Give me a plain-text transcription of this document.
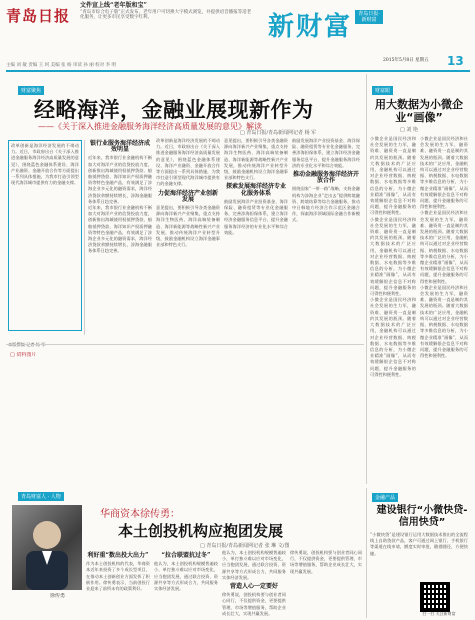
青岛日报
文件宣上线“老年版和宝”
“青岛市综合电子版”正式发布，老年用户可切换大字模式浏览，并提供语音播报等适老化服务，让更多市民享受数字红利。	新财富	青岛日报·新财富
2015年5月8日 星期五 13
主编 刘 敏 责编 王 珂 美编 张 杨 审读 孙 丽 校对 李 明
财富聚焦
经略海洋，金融业展现新作为
——《关于深入推进金融服务海洋经济高质量发展的意见》解读
□ 青岛日报/青岛新闻网记者 杨 军
改革创新是海洋经济发展的不竭动力。近日，市政府出台《关于深入推进金融服务海洋经济高质量发展的意见》，围绕蓝色金融体系建设、海洋产业融资、金融开放合作等方面提出一系列具体措施，为我市打造引领型现代海洋城市提供有力的金融支撑。
银行业服务海洋经济成效明显
近年来，我市银行业金融机构不断加大对海洋产业的信贷投放力度，创新推出海域使用权抵押贷款、船舶抵押贷款、海洋知识产权质押融资等特色金融产品，有效满足了涉海企业多元化的融资需求，海洋经济贷款余额持续增长，涉海金融服务体系日趋完善。
近年来，我市银行业金融机构不断加大对海洋产业的信贷投放力度，创新推出海域使用权抵押贷款、船舶抵押贷款、海洋知识产权质押融资等特色金融产品，有效满足了涉海企业多元化的融资需求，海洋经济贷款余额持续增长，涉海金融服务体系日趋完善。
改革创新是海洋经济发展的不竭动力。近日，市政府出台《关于深入推进金融服务海洋经济高质量发展的意见》，围绕蓝色金融体系建设、海洋产业融资、金融开放合作等方面提出一系列具体措施，为我市打造引领型现代海洋城市提供有力的金融支撑。
力促海洋经济产业创新发展
意见提出，要积极引导各类金融资源向海洋新兴产业聚集，重点支持海洋生物医药、海洋高端装备制造、海洋新能源等战略性新兴产业发展，推动传统海洋产业转型升级，鼓励金融机构设立海洋金融事业部和特色支行。
意见提出，要积极引导各类金融资源向海洋新兴产业聚集，重点支持海洋生物医药、海洋高端装备制造、海洋新能源等战略性新兴产业发展，推动传统海洋产业转型升级，鼓励金融机构设立海洋金融事业部和特色支行。
探索发展海洋经济专业化服务体系
鼓励发展海洋产业投资基金、海洋保险、融资租赁等专业化金融服务，完善涉海担保体系，建立海洋经济金融服务信息平台，提升金融服务海洋经济的专业化水平和综合效能。
鼓励发展海洋产业投资基金、海洋保险、融资租赁等专业化金融服务，完善涉海担保体系，建立海洋经济金融服务信息平台，提升金融服务海洋经济的专业化水平和综合效能。
推动金融服务海洋经济开放合作
围绕国家“一带一路”战略，支持金融机构为涉海企业“走出去”提供跨境融资、跨境结算等综合金融服务，推动中日韩地方经济合作示范区金融合作，探索海洋领域国际金融合作新模式。
财富眼
用大数据为小微企业“画像”
□ 刘 艳
小微企业是国民经济和社会发展的生力军，融资难、融资贵一直是制约其发展的瓶颈。随着大数据技术的广泛应用，金融机构可以通过对企业经营数据、纳税数据、水电数据等多维信息的分析，为小微企业精准“画像”，从而有效缓解银企信息不对称问题，提升金融服务的可得性和便利性。
小微企业是国民经济和社会发展的生力军，融资难、融资贵一直是制约其发展的瓶颈。随着大数据技术的广泛应用，金融机构可以通过对企业经营数据、纳税数据、水电数据等多维信息的分析，为小微企业精准“画像”，从而有效缓解银企信息不对称问题，提升金融服务的可得性和便利性。
小微企业是国民经济和社会发展的生力军，融资难、融资贵一直是制约其发展的瓶颈。随着大数据技术的广泛应用，金融机构可以通过对企业经营数据、纳税数据、水电数据等多维信息的分析，为小微企业精准“画像”，从而有效缓解银企信息不对称问题，提升金融服务的可得性和便利性。
小微企业是国民经济和社会发展的生力军，融资难、融资贵一直是制约其发展的瓶颈。随着大数据技术的广泛应用，金融机构可以通过对企业经营数据、纳税数据、水电数据等多维信息的分析，为小微企业精准“画像”，从而有效缓解银企信息不对称问题，提升金融服务的可得性和便利性。
小微企业是国民经济和社会发展的生力军，融资难、融资贵一直是制约其发展的瓶颈。随着大数据技术的广泛应用，金融机构可以通过对企业经营数据、纳税数据、水电数据等多维信息的分析，为小微企业精准“画像”，从而有效缓解银企信息不对称问题，提升金融服务的可得性和便利性。
小微企业是国民经济和社会发展的生力军，融资难、融资贵一直是制约其发展的瓶颈。随着大数据技术的广泛应用，金融机构可以通过对企业经营数据、纳税数据、水电数据等多维信息的分析，为小微企业精准“画像”，从而有效缓解银企信息不对称问题，提升金融服务的可得性和便利性。
□ 资料图片
青岛财富人 · 人物
华商资本徐传勇：
本土创投机构应抱团发展
□ 青岛日报/青岛新闻网记者 张 琳 文/图
徐传勇
利好重“数出投大出力”
作为本土创投机构的代表，华商资本近年来投资了多个成长型项目，在推动本土创新创业方面发挥了积极作用。徐传勇表示，当前创投行业迎来了前所未有的政策利好。
“拉合联盟抗过冬”
他认为，本土创投机构规模普遍较小，单打独斗难以应对市场变化，应当抱团发展，通过联合投资、资源共享等方式形成合力，共同服务实体经济发展。
他认为，本土创投机构规模普遍较小，单打独斗难以应对市场变化，应当抱团发展，通过联合投资、资源共享等方式形成合力，共同服务实体经济发展。
营造人心一定要好
徐传勇说，创投机构要与创业者同心同行，不仅提供资金，更要提供管理、市场等增值服务，帮助企业成长壮大，实现共赢发展。
徐传勇说，创投机构要与创业者同心同行，不仅提供资金，更要提供管理、市场等增值服务，帮助企业成长壮大，实现共赢发展。
金融产品
建设银行“小微快贷-信用快贷”
“小微快贷”是建设银行运用大数据技术推出的全流程线上自助贷款产品，客户可通过网上银行、手机银行等渠道在线申请，额度实时审批，随借随还，方便快捷。
扫一扫 关注新财富
